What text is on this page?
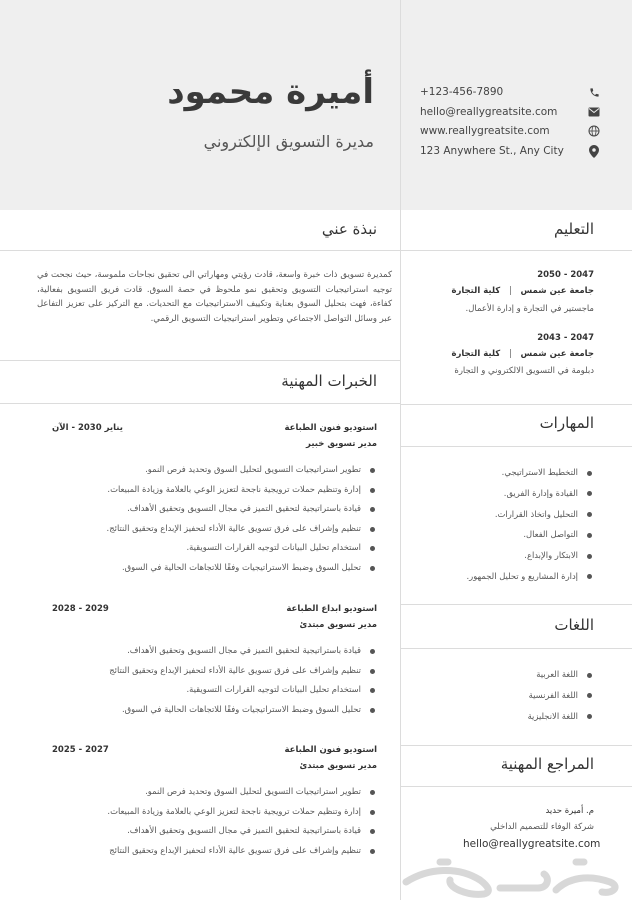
أميرة محمود
مديرة التسويق الإلكتروني
+123-456-7890
hello@reallygreatsite.com
www.reallygreatsite.com
123 Anywhere St., Any City
نبذة عني
كمديرة تسويق ذات خبرة واسعة، قادت رؤيتي ومهاراتي الى تحقيق نجاحات ملموسة، حيث نجحت في توجيه استراتيجيات التسويق وتحقيق نمو ملحوظ في حصة السوق. قادت فريق التسويق بفعالية، كفاءة، فهت بتحليل السوق بعناية وتكييف الاستراتيجيات مع التحديات. مع التركيز على تعزيز التفاعل عبر وسائل التواصل الاجتماعي وتطوير استراتيجيات التسويق الرقمي.
الخبرات المهنية
استوديو فنون الطباعة
يناير 2030 - الآن
مدير تسويق خبير
تطوير استراتيجيات التسويق لتحليل السوق وتحديد فرص النمو.
إدارة وتنظيم حملات ترويجية ناجحة لتعزيز الوعي بالعلامة وزيادة المبيعات.
قيادة باستراتيجية لتحقيق التميز في مجال التسويق وتحقيق الأهداف.
تنظيم وإشراف على فرق تسويق عالية الأداء لتحفيز الإبداع وتحقيق النتائج.
استخدام تحليل البيانات لتوجيه القرارات التسويقية.
تحليل السوق وضبط الاستراتيجيات وفقًا للاتجاهات الحالية في السوق.
استوديو ابداع الطباعة
2029 - 2028
مدير تسويق مبتدئ
قيادة باستراتيجية لتحقيق التميز في مجال التسويق وتحقيق الأهداف.
تنظيم وإشراف على فرق تسويق عالية الأداء لتحفيز الإبداع وتحقيق النتائج
استخدام تحليل البيانات لتوجيه القرارات التسويقية.
تحليل السوق وضبط الاستراتيجيات وفقًا للاتجاهات الحالية في السوق.
استوديو فنون الطباعة
2027 - 2025
مدير تسويق مبتدئ
تطوير استراتيجيات التسويق لتحليل السوق وتحديد فرص النمو.
إدارة وتنظيم حملات ترويجية ناجحة لتعزيز الوعي بالعلامة وزيادة المبيعات.
قيادة باستراتيجية لتحقيق التميز في مجال التسويق وتحقيق الأهداف.
تنظيم وإشراف على فرق تسويق عالية الأداء لتحفيز الإبداع وتحقيق النتائج
التعليم
2047 - 2050
جامعة عين شمس | كلية التجارة
ماجستير في التجارة و إدارة الأعمال.
2047 - 2043
جامعة عين شمس | كلية التجارة
دبلومة في التسويق الالكتروني و التجارة
المهارات
التخطيط الاستراتيجي.
القيادة وإدارة الفريق.
التحليل واتخاذ القرارات.
التواصل الفعال.
الابتكار والإبداع.
إدارة المشاريع و تحليل الجمهور.
اللغات
اللغة العربية
اللغة الفرنسية
اللغة الانجليزية
المراجع المهنية
م. أميرة حديد
شركة الوفاء للتصميم الداخلي
hello@reallygreatsite.com
